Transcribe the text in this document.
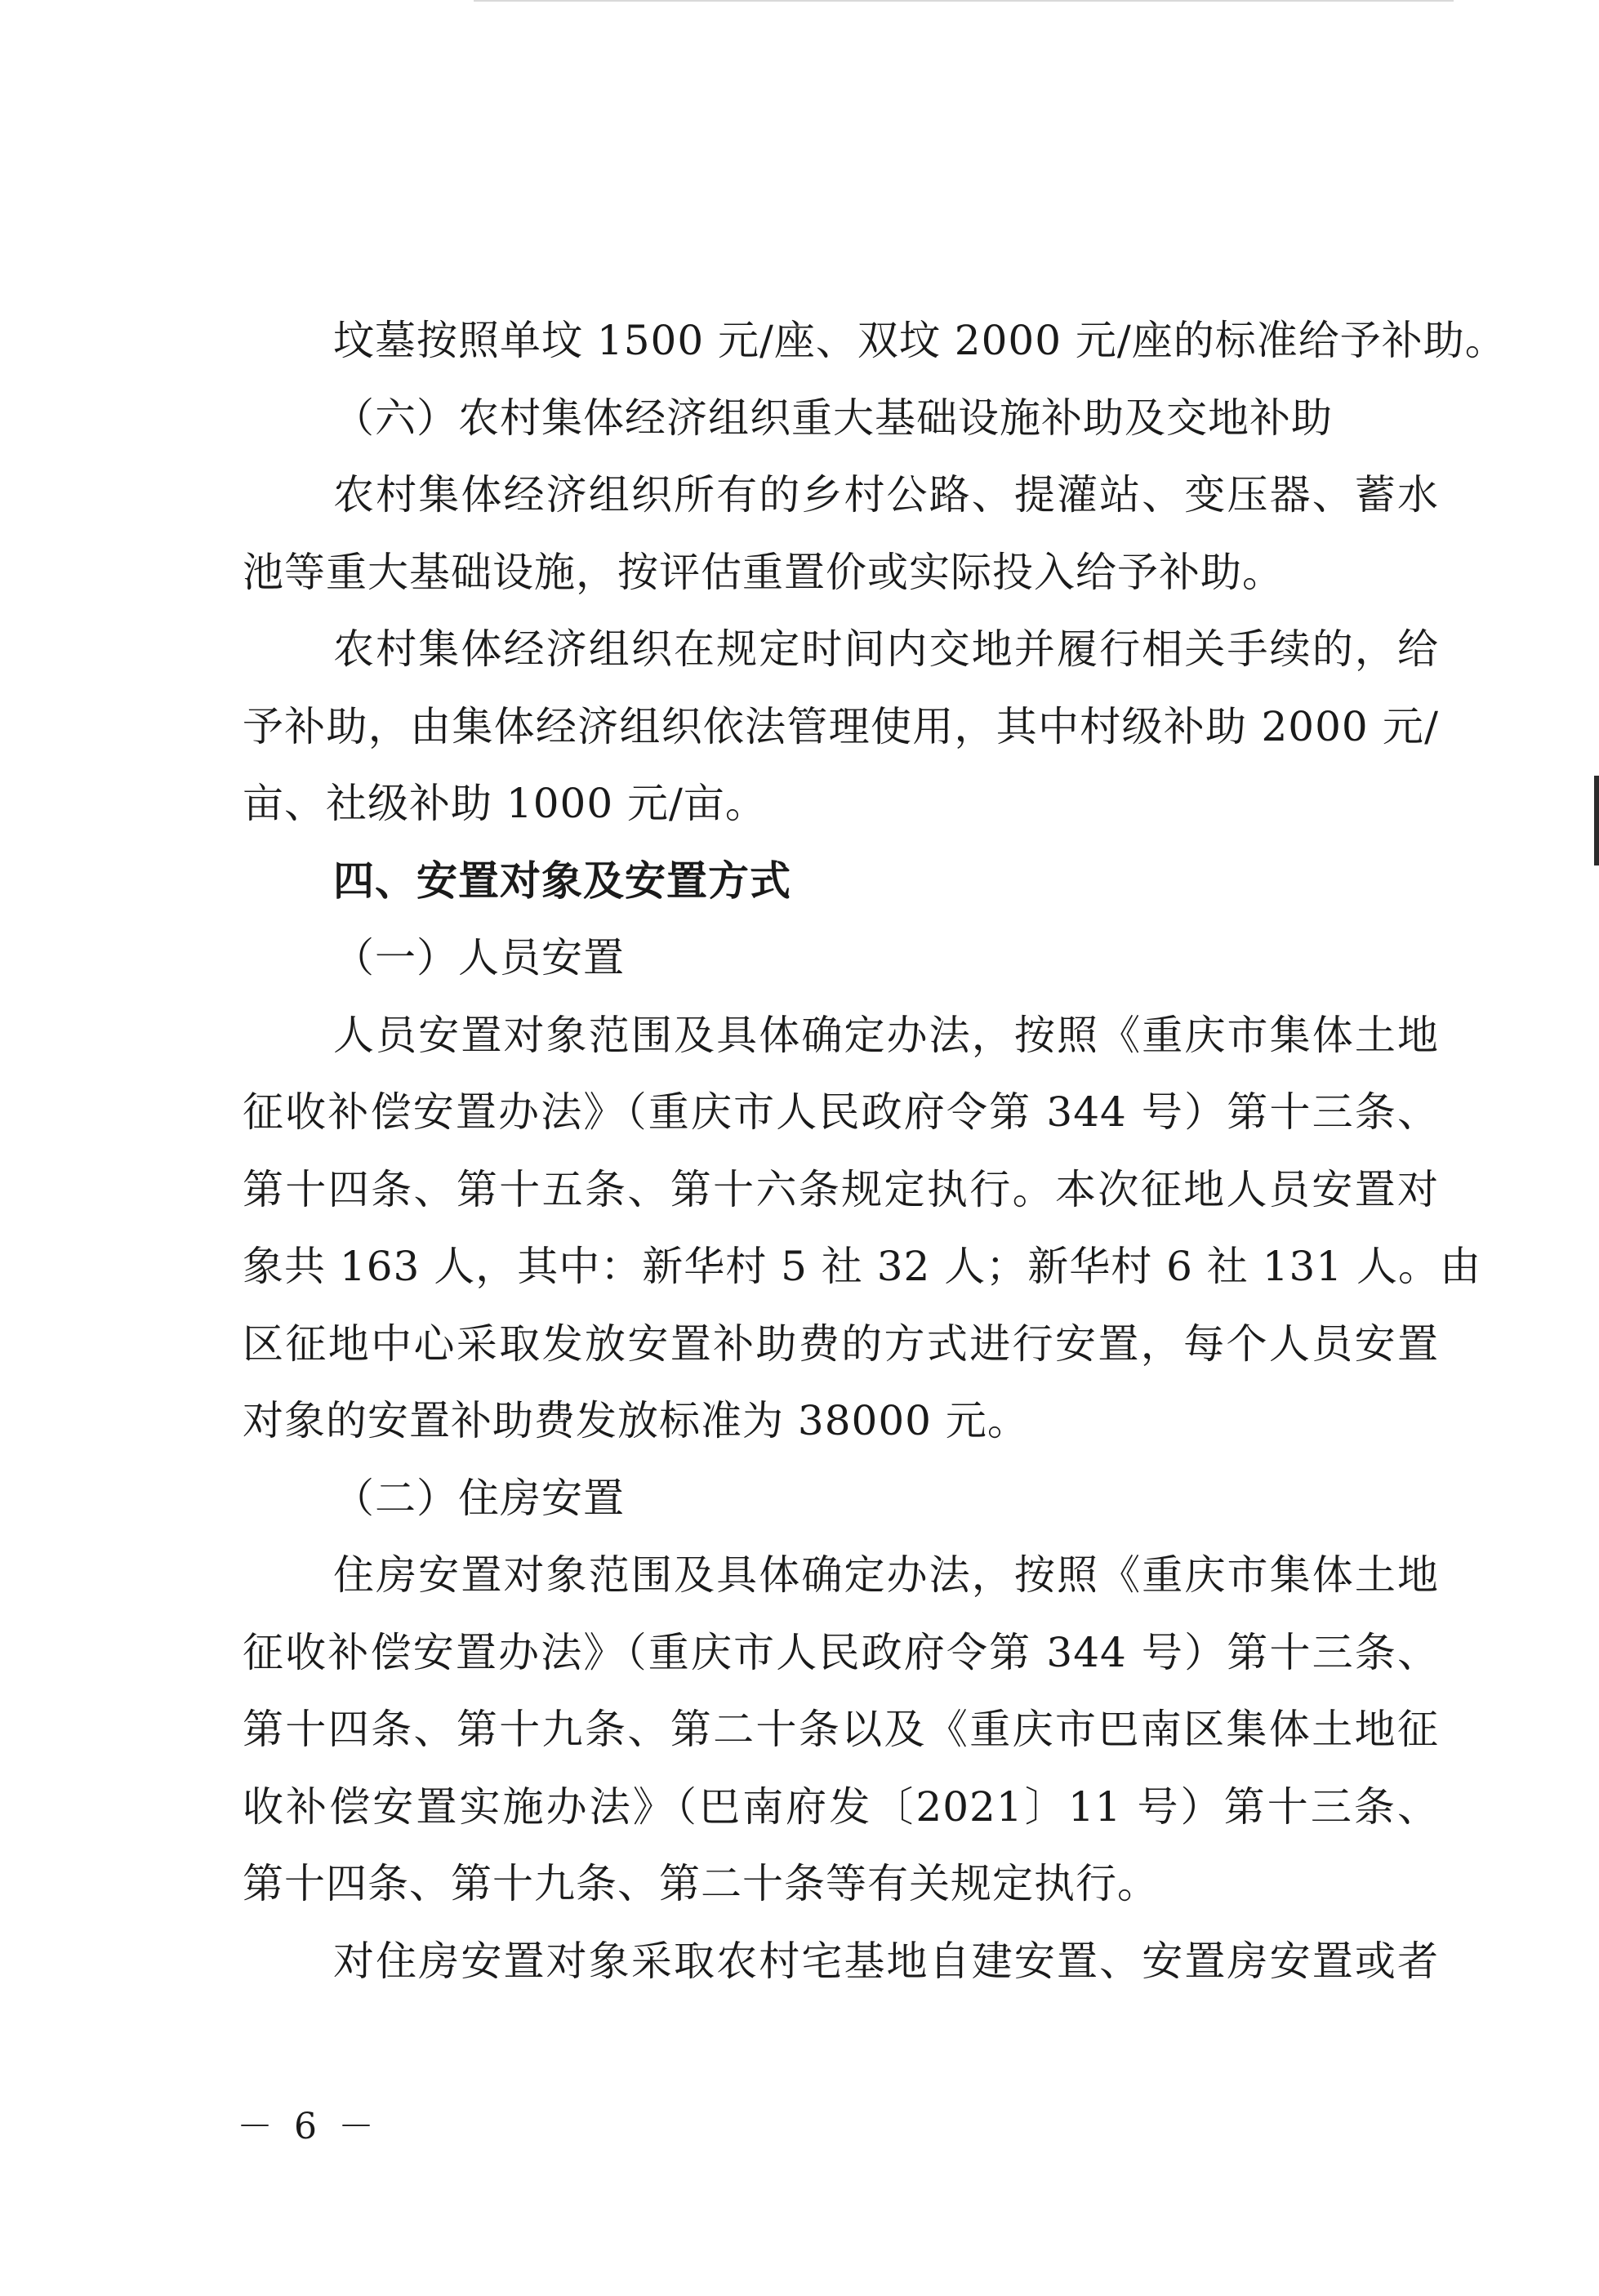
坟墓按照单坟 1500 元/座、双坟 2000 元/座的标准给予补助。
（六）农村集体经济组织重大基础设施补助及交地补助
农村集体经济组织所有的乡村公路、提灌站、变压器、蓄水
池等重大基础设施，按评估重置价或实际投入给予补助。
农村集体经济组织在规定时间内交地并履行相关手续的，给
予补助，由集体经济组织依法管理使用，其中村级补助 2000 元/
亩、社级补助 1000 元/亩。
四、安置对象及安置方式
（一）人员安置
人员安置对象范围及具体确定办法，按照《重庆市集体土地
征收补偿安置办法》（重庆市人民政府令第 344 号）第十三条、
第十四条、第十五条、第十六条规定执行。本次征地人员安置对
象共 163 人，其中：新华村 5 社 32 人；新华村 6 社 131 人。由
区征地中心采取发放安置补助费的方式进行安置，每个人员安置
对象的安置补助费发放标准为 38000 元。
（二）住房安置
住房安置对象范围及具体确定办法，按照《重庆市集体土地
征收补偿安置办法》（重庆市人民政府令第 344 号）第十三条、
第十四条、第十九条、第二十条以及《重庆市巴南区集体土地征
收补偿安置实施办法》（巴南府发〔2021〕11 号）第十三条、
第十四条、第十九条、第二十条等有关规定执行。
对住房安置对象采取农村宅基地自建安置、安置房安置或者
－ 6 －
